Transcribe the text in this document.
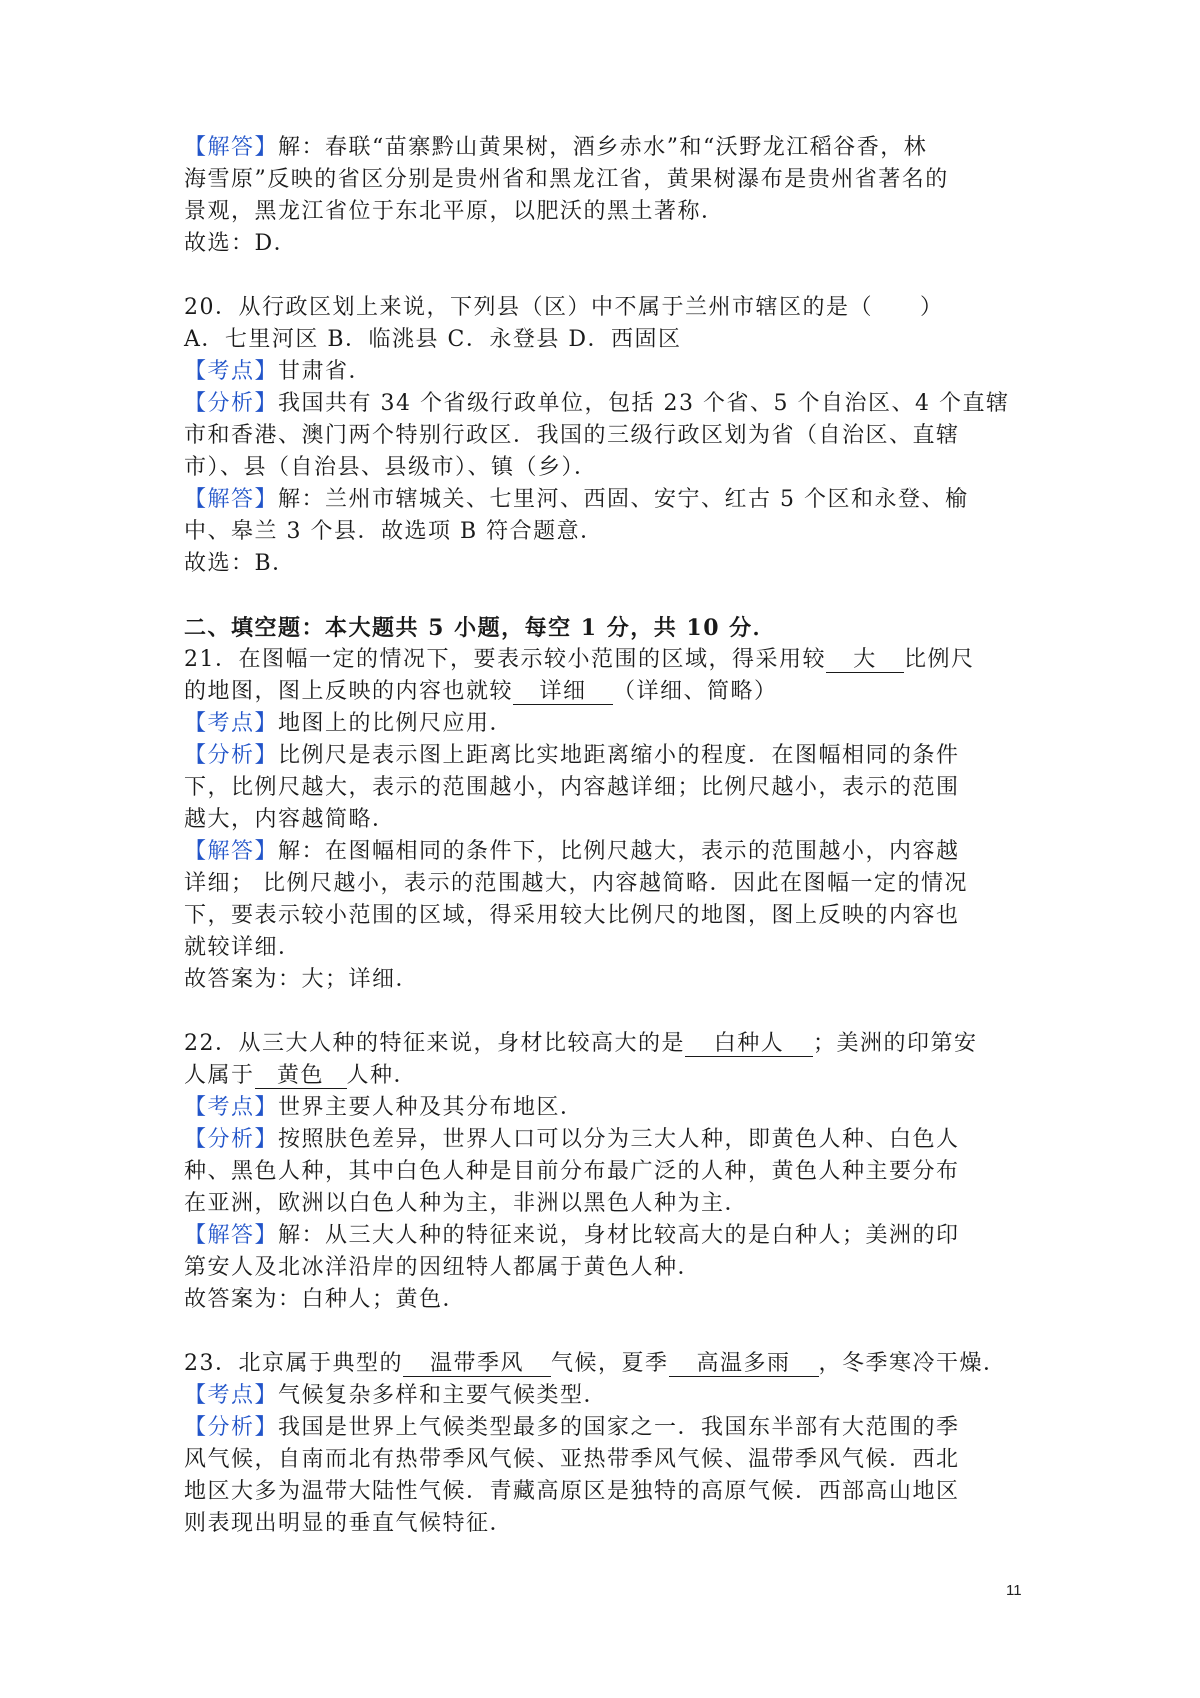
【解答】解：春联“苗寨黔山黄果树，酒乡赤水”和“沃野龙江稻谷香，林
海雪原”反映的省区分别是贵州省和黑龙江省，黄果树瀑布是贵州省著名的
景观，黑龙江省位于东北平原，以肥沃的黑土著称．
故选：D．
20．从行政区划上来说，下列县（区）中不属于兰州市辖区的是（　　）
A．七里河区 B．临洮县 C．永登县 D．西固区
【考点】甘肃省．
【分析】我国共有 34 个省级行政单位，包括 23 个省、5 个自治区、4 个直辖
市和香港、澳门两个特别行政区．我国的三级行政区划为省（自治区、直辖
市）、县（自治县、县级市）、镇（乡）．
【解答】解：兰州市辖城关、七里河、西固、安宁、红古 5 个区和永登、榆
中、皋兰 3 个县．故选项 B 符合题意．
故选：B．
二、填空题：本大题共 5 小题，每空 1 分，共 10 分．
21．在图幅一定的情况下，要表示较小范围的区域，得采用较 大 比例尺
的地图，图上反映的内容也就较 详细 （详细、简略）
【考点】地图上的比例尺应用．
【分析】比例尺是表示图上距离比实地距离缩小的程度．在图幅相同的条件
下，比例尺越大，表示的范围越小，内容越详细；比例尺越小，表示的范围
越大，内容越简略．
【解答】解：在图幅相同的条件下，比例尺越大，表示的范围越小，内容越
详细； 比例尺越小，表示的范围越大，内容越简略．因此在图幅一定的情况
下，要表示较小范围的区域，得采用较大比例尺的地图，图上反映的内容也
就较详细．
故答案为：大；详细．
22．从三大人种的特征来说，身材比较高大的是 白种人 ；美洲的印第安
人属于 黄色 人种．
【考点】世界主要人种及其分布地区．
【分析】按照肤色差异，世界人口可以分为三大人种，即黄色人种、白色人
种、黑色人种，其中白色人种是目前分布最广泛的人种，黄色人种主要分布
在亚洲，欧洲以白色人种为主，非洲以黑色人种为主．
【解答】解：从三大人种的特征来说，身材比较高大的是白种人；美洲的印
第安人及北冰洋沿岸的因纽特人都属于黄色人种．
故答案为：白种人；黄色．
23．北京属于典型的 温带季风 气候，夏季 高温多雨 ，冬季寒冷干燥．
【考点】气候复杂多样和主要气候类型．
【分析】我国是世界上气候类型最多的国家之一．我国东半部有大范围的季
风气候，自南而北有热带季风气候、亚热带季风气候、温带季风气候．西北
地区大多为温带大陆性气候．青藏高原区是独特的高原气候．西部高山地区
则表现出明显的垂直气候特征．
11
